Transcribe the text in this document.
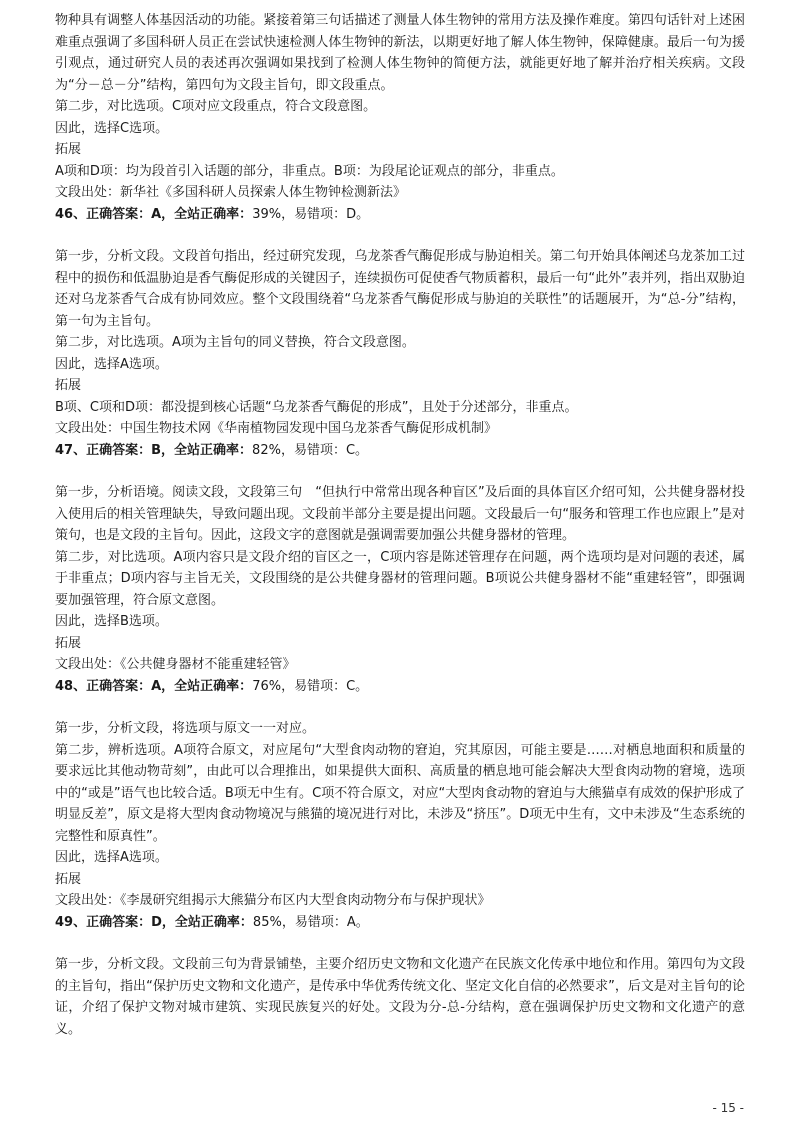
物种具有调整人体基因活动的功能。紧接着第三句话描述了测量人体生物钟的常用方法及操作难度。第四句话针对上述困难重点强调了多国科研人员正在尝试快速检测人体生物钟的新法，以期更好地了解人体生物钟，保障健康。最后一句为援引观点，通过研究人员的表述再次强调如果找到了检测人体生物钟的简便方法，就能更好地了解并治疗相关疾病。文段为“分－总－分”结构，第四句为文段主旨句，即文段重点。

第二步，对比选项。C项对应文段重点，符合文段意图。

因此，选择C选项。

拓展

A项和D项：均为段首引入话题的部分，非重点。B项：为段尾论证观点的部分，非重点。

文段出处：新华社《多国科研人员探索人体生物钟检测新法》

46、正确答案：A，全站正确率：39%，易错项：D。

第一步，分析文段。文段首句指出，经过研究发现，乌龙茶香气酶促形成与胁迫相关。第二句开始具体阐述乌龙茶加工过程中的损伤和低温胁迫是香气酶促形成的关键因子，连续损伤可促使香气物质蓄积，最后一句“此外”表并列，指出双胁迫还对乌龙茶香气合成有协同效应。整个文段围绕着“乌龙茶香气酶促形成与胁迫的关联性”的话题展开，为“总-分”结构，第一句为主旨句。

第二步，对比选项。A项为主旨句的同义替换，符合文段意图。

因此，选择A选项。

拓展

B项、C项和D项：都没提到核心话题“乌龙茶香气酶促的形成”，且处于分述部分，非重点。

文段出处：中国生物技术网《华南植物园发现中国乌龙茶香气酶促形成机制》

47、正确答案：B，全站正确率：82%，易错项：C。

第一步，分析语境。阅读文段，文段第三句　“但执行中常常出现各种盲区”及后面的具体盲区介绍可知，公共健身器材投入使用后的相关管理缺失，导致问题出现。文段前半部分主要是提出问题。文段最后一句“服务和管理工作也应跟上”是对策句，也是文段的主旨句。因此，这段文字的意图就是强调需要加强公共健身器材的管理。

第二步，对比选项。A项内容只是文段介绍的盲区之一，C项内容是陈述管理存在问题，两个选项均是对问题的表述，属于非重点；D项内容与主旨无关，文段围绕的是公共健身器材的管理问题。B项说公共健身器材不能“重建轻管”，即强调要加强管理，符合原文意图。

因此，选择B选项。

拓展

文段出处：《公共健身器材不能重建轻管》

48、正确答案：A，全站正确率：76%，易错项：C。

第一步，分析文段，将选项与原文一一对应。

第二步，辨析选项。A项符合原文，对应尾句“大型食肉动物的窘迫，究其原因，可能主要是……对栖息地面积和质量的要求远比其他动物苛刻”，由此可以合理推出，如果提供大面积、高质量的栖息地可能会解决大型食肉动物的窘境，选项中的“或是”语气也比较合适。B项无中生有。C项不符合原文，对应“大型肉食动物的窘迫与大熊猫卓有成效的保护形成了明显反差”，原文是将大型肉食动物境况与熊猫的境况进行对比，未涉及“挤压”。D项无中生有，文中未涉及“生态系统的完整性和原真性”。

因此，选择A选项。

拓展

文段出处：《李晟研究组揭示大熊猫分布区内大型食肉动物分布与保护现状》

49、正确答案：D，全站正确率：85%，易错项：A。

第一步，分析文段。文段前三句为背景铺垫，主要介绍历史文物和文化遗产在民族文化传承中地位和作用。第四句为文段的主旨句，指出“保护历史文物和文化遗产，是传承中华优秀传统文化、坚定文化自信的必然要求”，后文是对主旨句的论证，介绍了保护文物对城市建筑、实现民族复兴的好处。文段为分-总-分结构，意在强调保护历史文物和文化遗产的意义。

- 15 -
